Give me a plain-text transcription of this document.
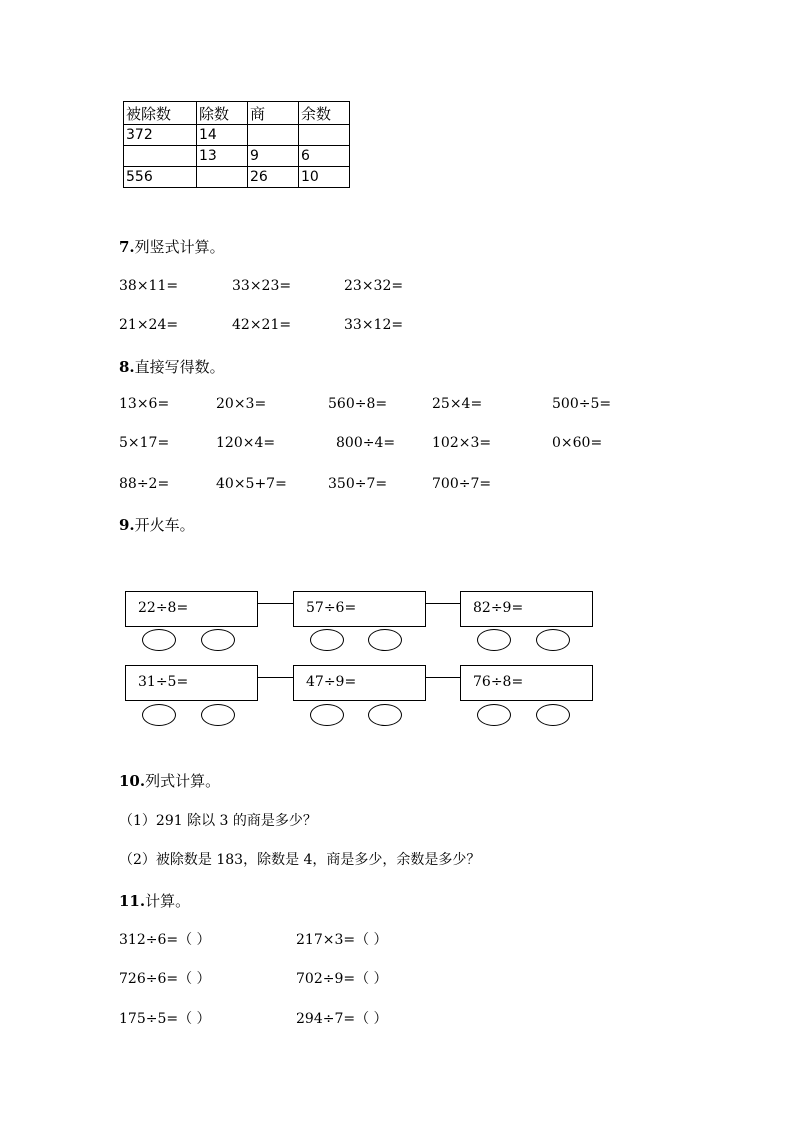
被除数	除数	商	余数
372	14		
	13	9	6
556		26	10
7.列竖式计算。
38×11=	33×23=	23×32=
21×24=	42×21=	33×12=
8.直接写得数。
13×6=	20×3=	560÷8=	25×4=	500÷5=
5×17=	120×4=	800÷4=	102×3=	0×60=
88÷2=	40×5+7=	350÷7=	700÷7=
9.开火车。
22÷8=	57÷6=	82÷9=
31÷5=	47÷9=	76÷8=
10.列式计算。
（1）291 除以 3 的商是多少？
（2）被除数是 183，除数是 4，商是多少，余数是多少？
11.计算。
312÷6=（ ）	217×3=（ ）
726÷6=（ ）	702÷9=（ ）
175÷5=（ ）	294÷7=（ ）
